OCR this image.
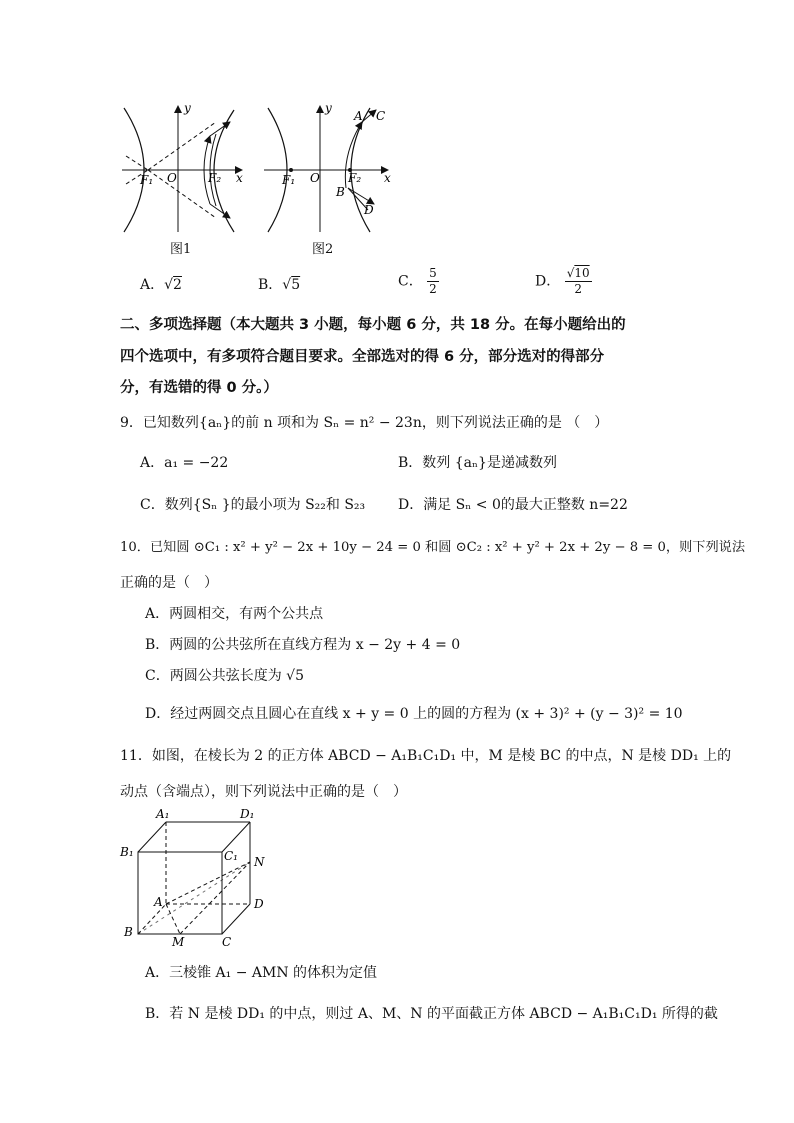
y
x
O
F₁	F₂
图1
y
x
O
F₁	F₂
A C
B
D
图2
A．√2	B．√5	C． $\frac{5}{2}$	D． $\frac{√10}{2}$
二、多项选择题（本大题共 3 小题，每小题 6 分，共 18 分。在每小题给出的
四个选项中，有多项符合题目要求。全部选对的得 6 分，部分选对的得部分
分，有选错的得 0 分。）
9．已知数列{aₙ}的前 n 项和为 Sₙ = n² − 23n，则下列说法正确的是 （　）
A．a₁ = −22	B．数列 {aₙ}是递减数列
C．数列{Sₙ }的最小项为 S₂₂和 S₂₃ D．满足 Sₙ < 0的最大正整数 n=22
10．已知圆 ⊙C₁ : x² + y² − 2x + 10y − 24 = 0 和圆 ⊙C₂ : x² + y² + 2x + 2y − 8 = 0，则下列说法
正确的是（　）
A．两圆相交，有两个公共点
B．两圆的公共弦所在直线方程为 x − 2y + 4 = 0
C．两圆公共弦长度为 √5
D．经过两圆交点且圆心在直线 x + y = 0 上的圆的方程为 (x + 3)² + (y − 3)² = 10
11．如图，在棱长为 2 的正方体 ABCD − A₁B₁C₁D₁ 中，M 是棱 BC 的中点，N 是棱 DD₁ 上的
动点（含端点），则下列说法中正确的是（　）
A₁	D₁
B₁	C₁ N
A	D
B
M	C
A．三棱锥 A₁ − AMN 的体积为定值
B．若 N 是棱 DD₁ 的中点，则过 A、M、N 的平面截正方体 ABCD − A₁B₁C₁D₁ 所得的截
